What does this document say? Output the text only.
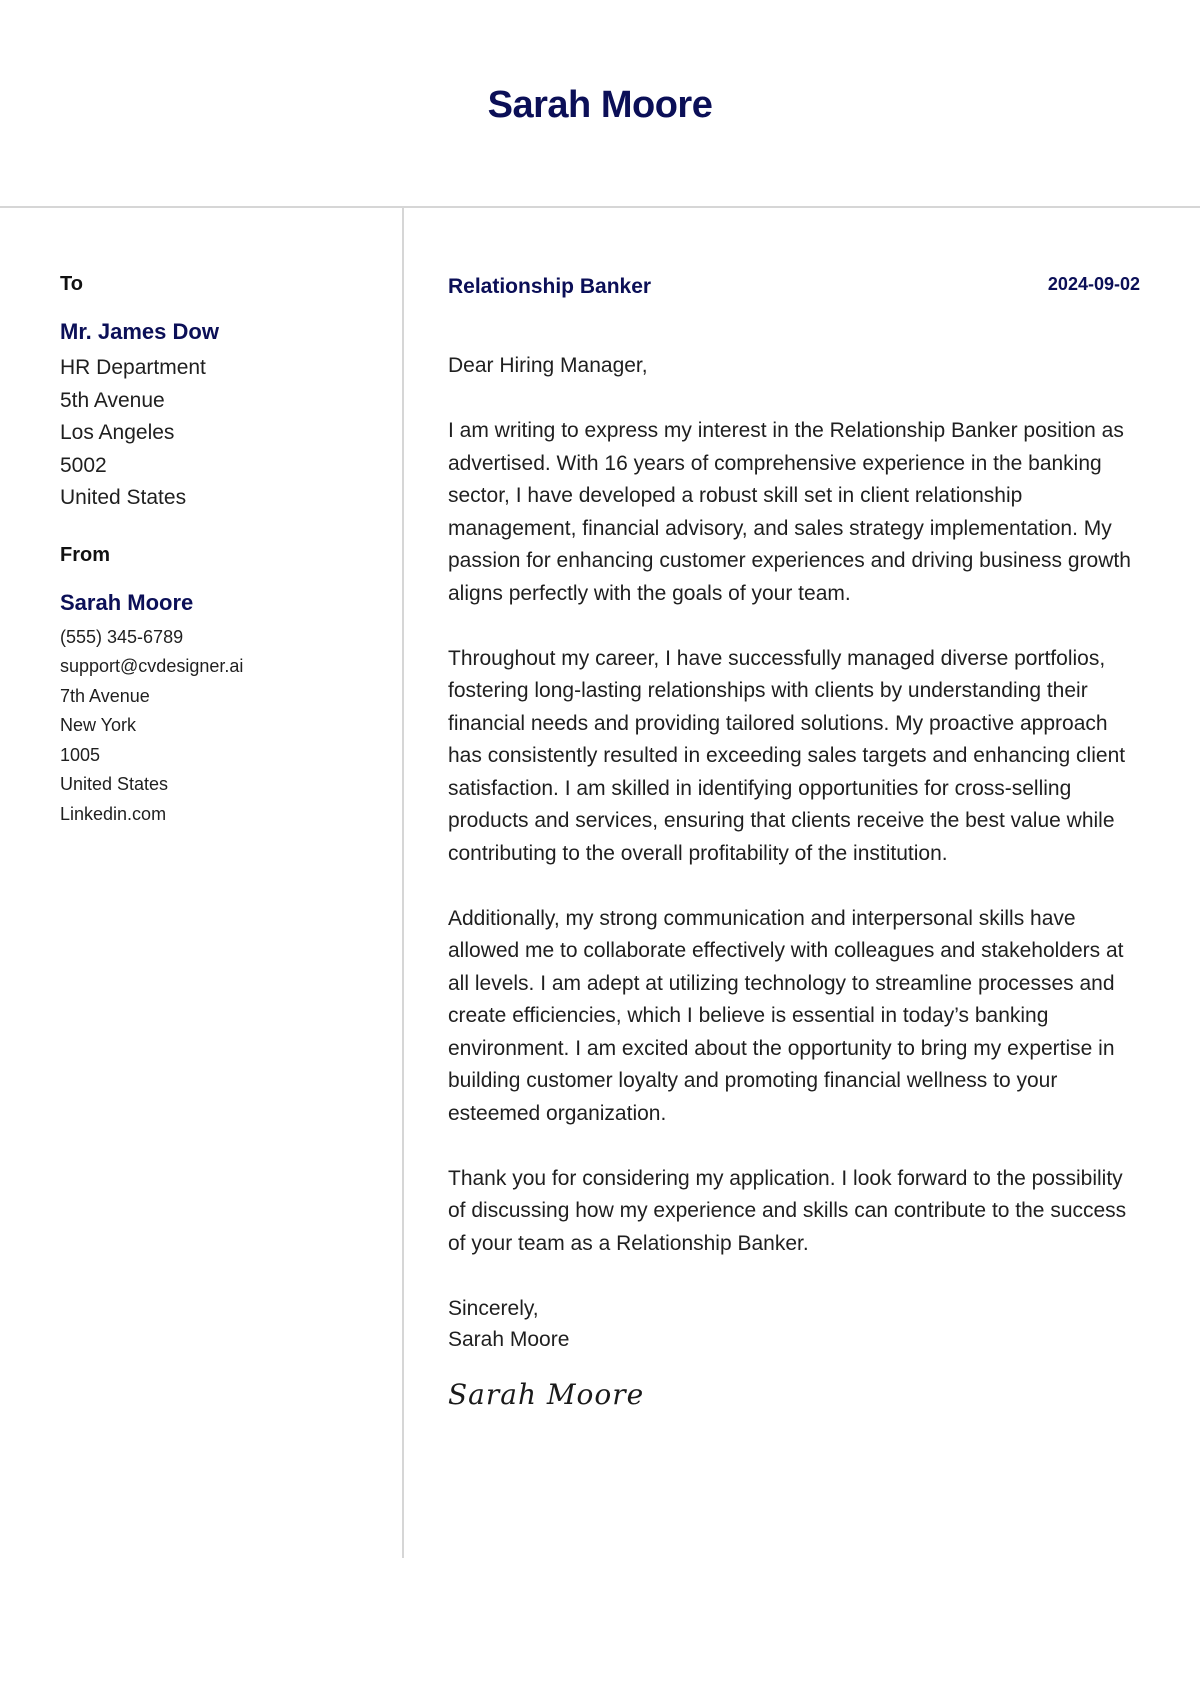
Sarah Moore
To
Mr. James Dow
HR Department
5th Avenue
Los Angeles
5002
United States
From
Sarah Moore
(555) 345-6789
support@cvdesigner.ai
7th Avenue
New York
1005
United States
Linkedin.com
Relationship Banker	2024-09-02

Dear Hiring Manager,

I am writing to express my interest in the Relationship Banker position as advertised. With 16 years of comprehensive experience in the banking sector, I have developed a robust skill set in client relationship management, financial advisory, and sales strategy implementation. My passion for enhancing customer experiences and driving business growth aligns perfectly with the goals of your team.

Throughout my career, I have successfully managed diverse portfolios, fostering long-lasting relationships with clients by understanding their financial needs and providing tailored solutions. My proactive approach has consistently resulted in exceeding sales targets and enhancing client satisfaction. I am skilled in identifying opportunities for cross-selling products and services, ensuring that clients receive the best value while contributing to the overall profitability of the institution.

Additionally, my strong communication and interpersonal skills have allowed me to collaborate effectively with colleagues and stakeholders at all levels. I am adept at utilizing technology to streamline processes and create efficiencies, which I believe is essential in today’s banking environment. I am excited about the opportunity to bring my expertise in building customer loyalty and promoting financial wellness to your esteemed organization.

Thank you for considering my application. I look forward to the possibility of discussing how my experience and skills can contribute to the success of your team as a Relationship Banker.

Sincerely,
Sarah Moore
Sarah Moore
